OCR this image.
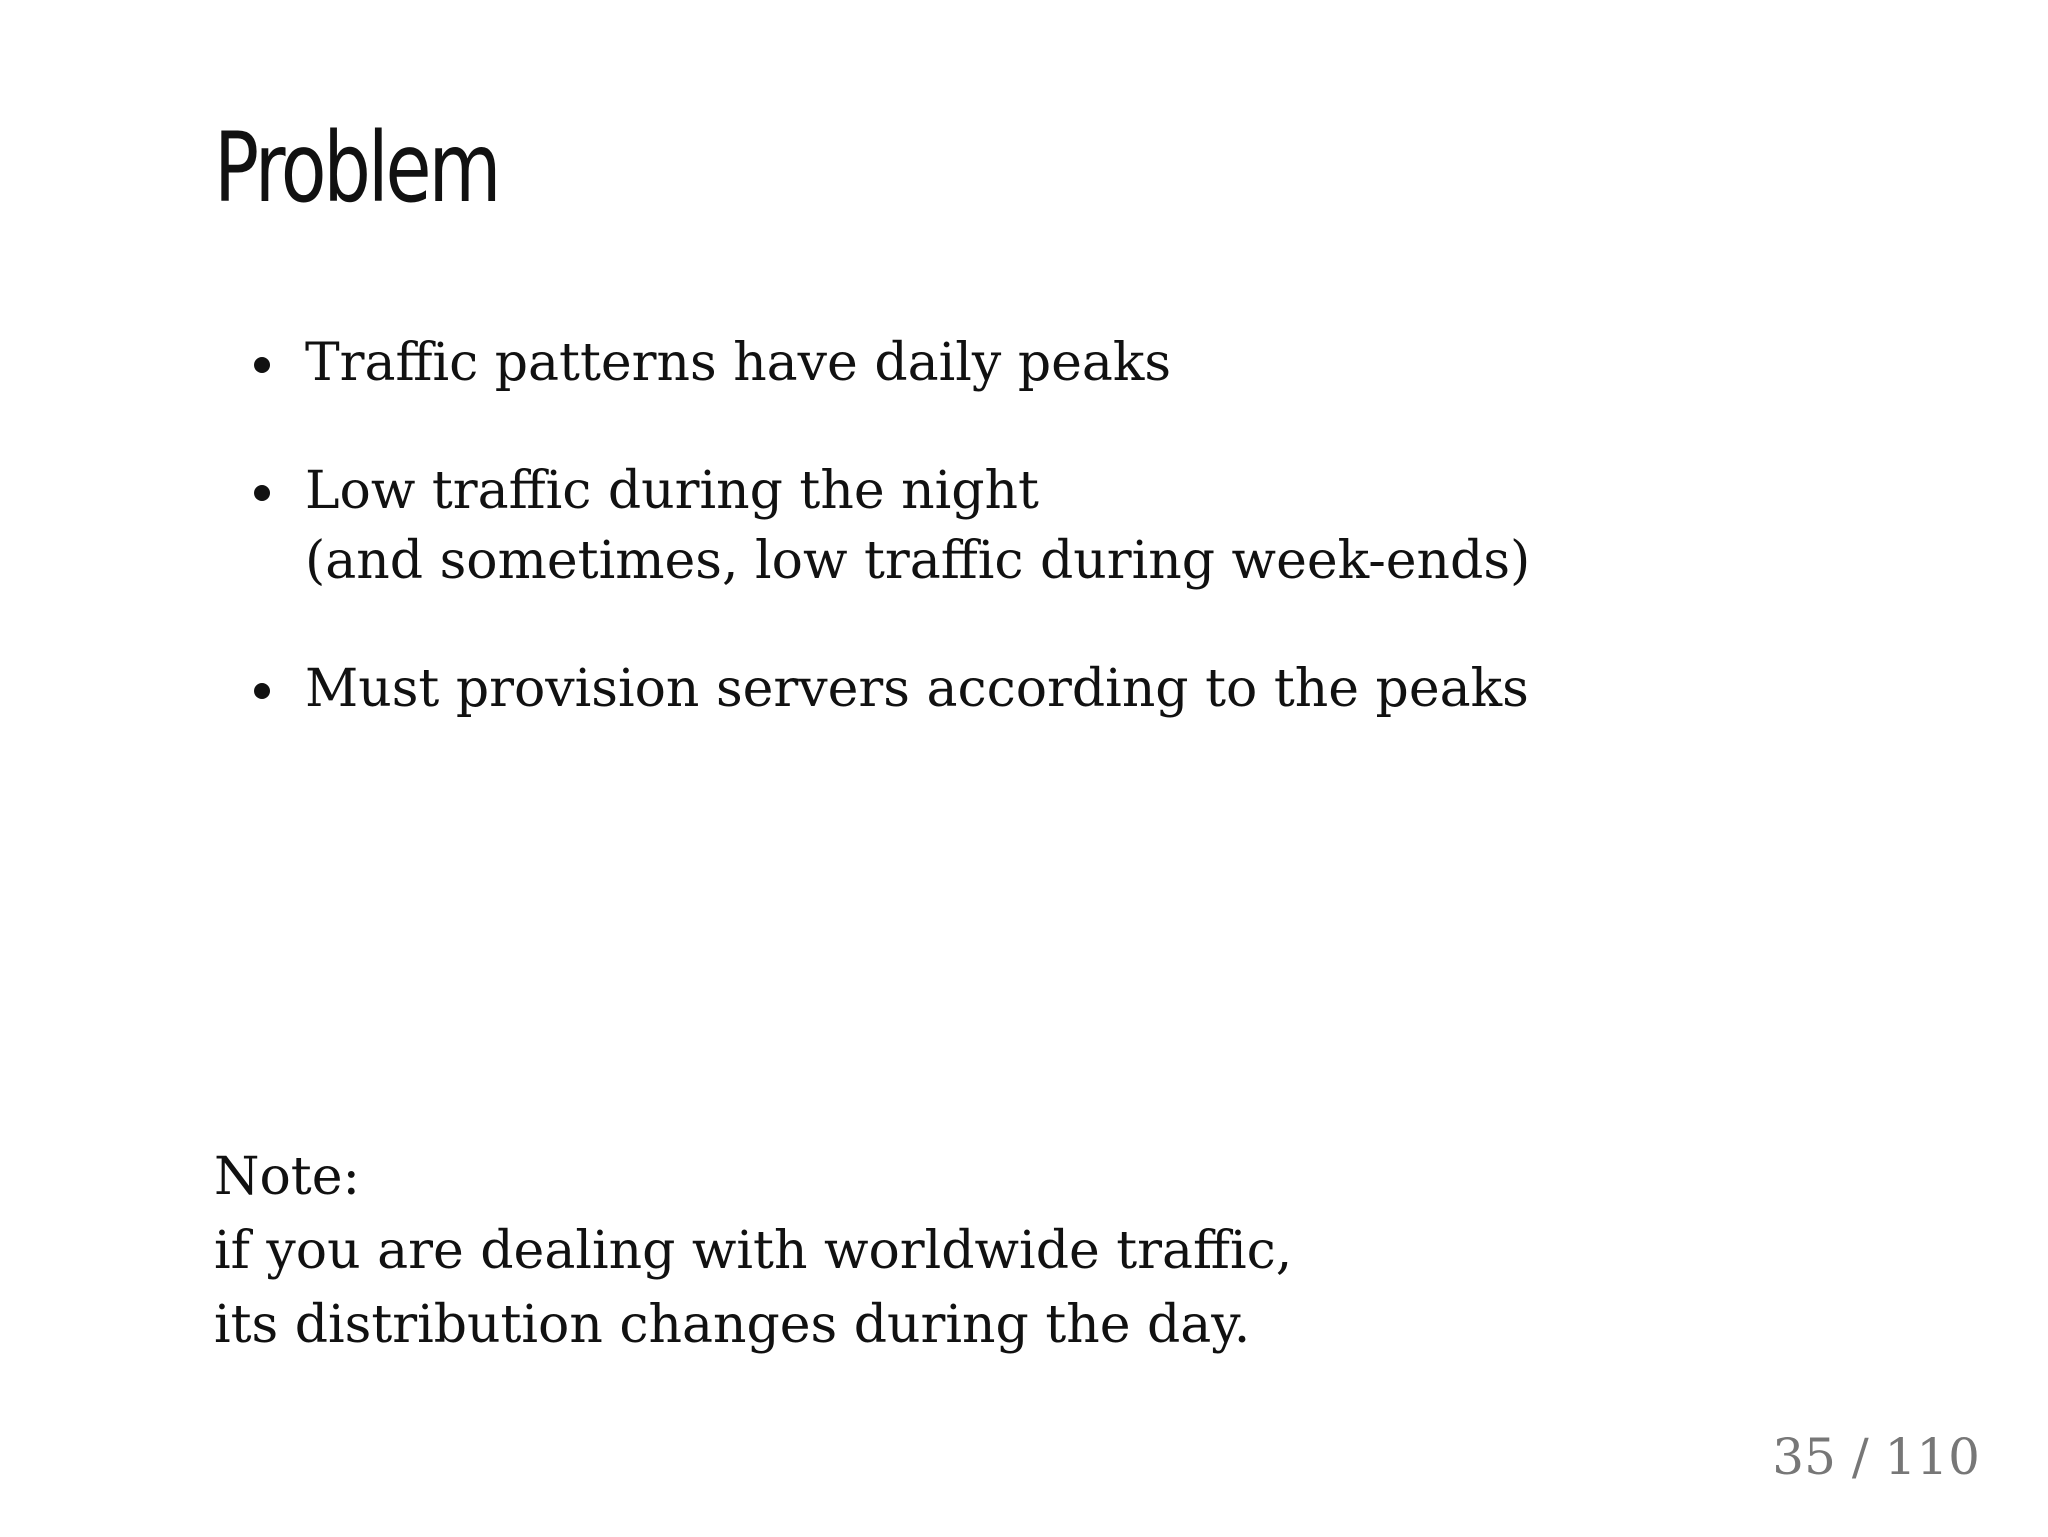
Problem
Traffic patterns have daily peaks
Low traffic during the night
(and sometimes, low traffic during week-ends)
Must provision servers according to the peaks
Note:
if you are dealing with worldwide traffic,
its distribution changes during the day.
35 / 110
